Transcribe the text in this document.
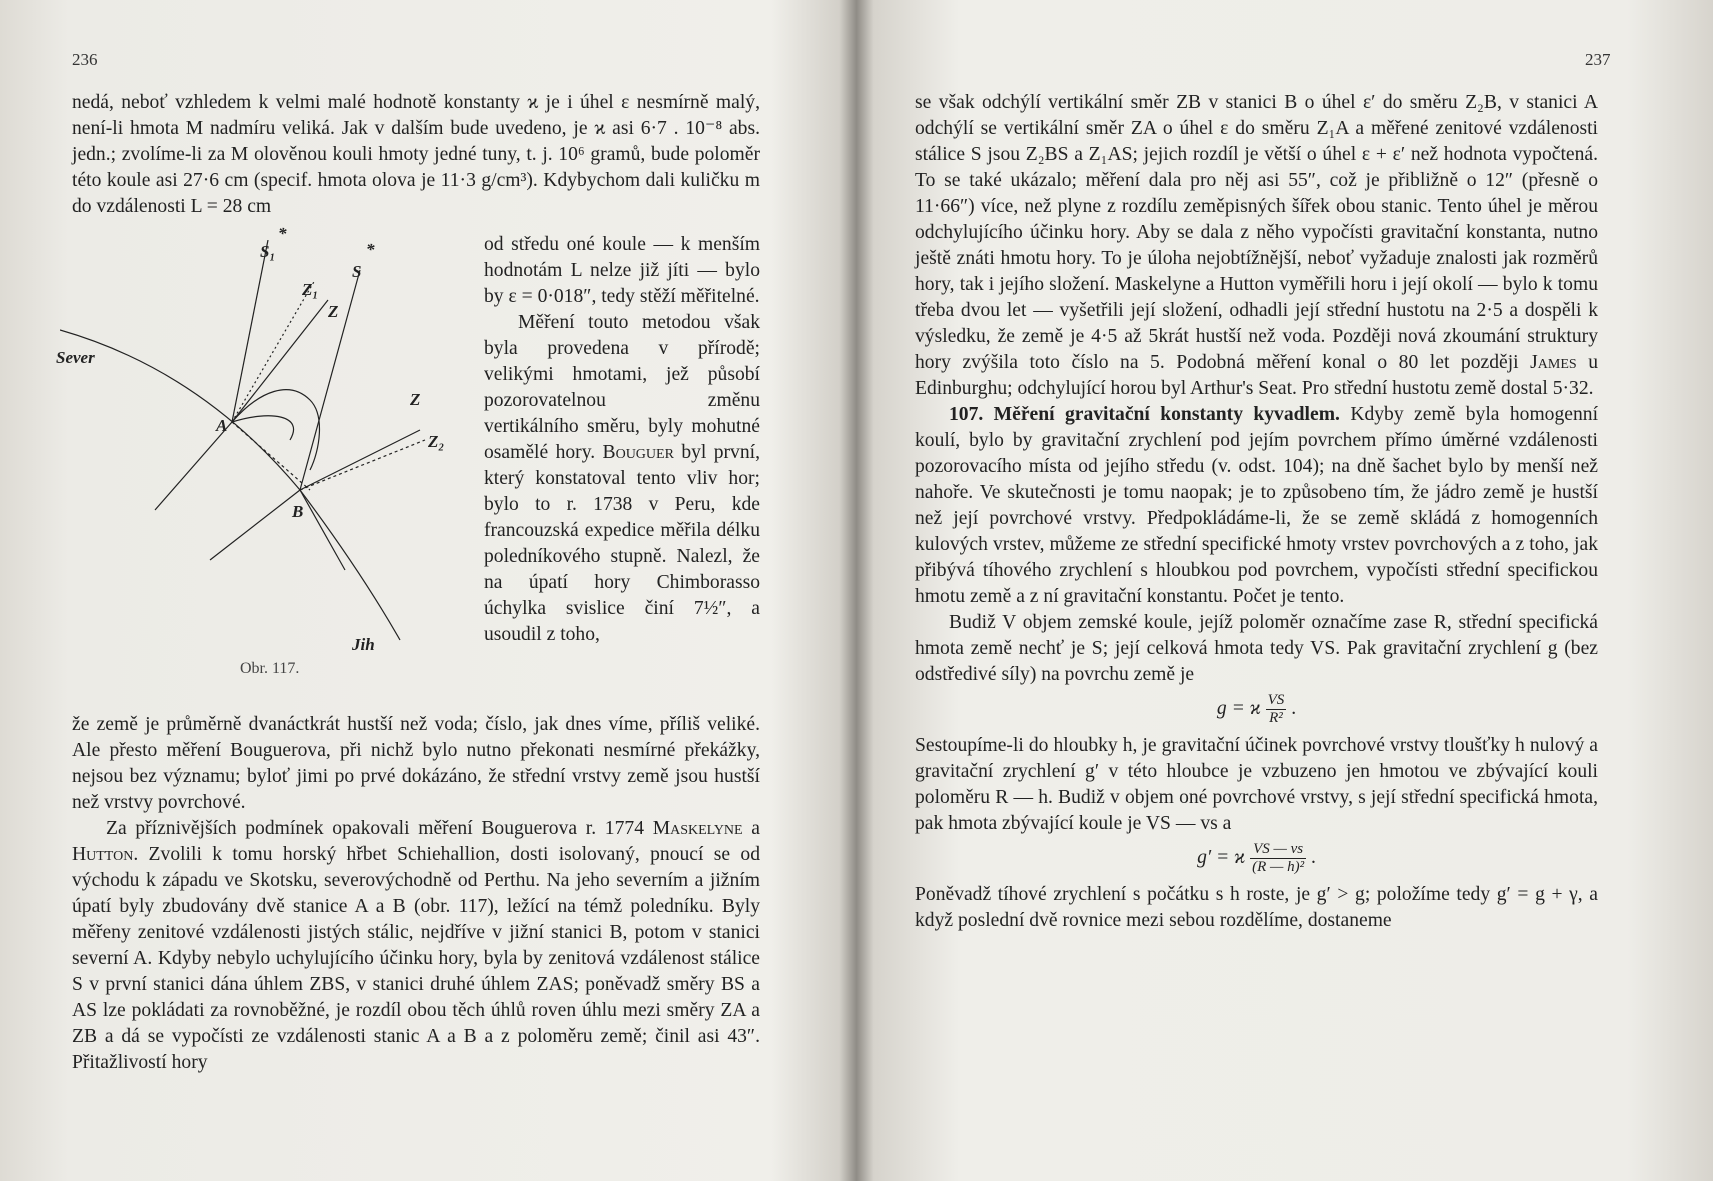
236

nedá, neboť vzhledem k velmi malé hodnotě konstanty ϰ je i úhel ε nesmírně malý, není-li hmota M nadmíru veliká. Jak v dalším bude uvedeno, je ϰ asi 6·7 . 10⁻⁸ abs. jedn.; zvolíme-li za M olověnou kouli hmoty jedné tuny, t. j. 10⁶ gramů, bude poloměr této koule asi 27·6 cm (specif. hmota olova je 11·3 g/cm³). Kdybychom dali kuličku m do vzdálenosti L = 28 cm

od středu oné koule — k menším hodnotám L nelze již jíti — bylo by ε = 0·018″, tedy stěží měřitelné.

Měření touto metodou však byla provedena v přírodě; velikými hmotami, jež působí pozorovatelnou změnu vertikálního směru, byly mohutné osamělé hory. Bouguer byl první, který konstatoval tento vliv hor; bylo to r. 1738 v Peru, kde francouzská expedice měřila délku poledníkového stupně. Nalezl, že na úpatí hory Chimborasso úchylka svislice činí 7½″, a usoudil z toho,

Sever
A
B
S₁
*
S
*
Z₁
Z
Z
Z₂
Jih
Obr. 117.

že země je průměrně dvanáctkrát hustší než voda; číslo, jak dnes víme, příliš veliké. Ale přesto měření Bouguerova, při nichž bylo nutno překonati nesmírné překážky, nejsou bez významu; byloť jimi po prvé dokázáno, že střední vrstvy země jsou hustší než vrstvy povrchové.

Za příznivějších podmínek opakovali měření Bouguerova r. 1774 Maskelyne a Hutton. Zvolili k tomu horský hřbet Schiehallion, dosti isolovaný, pnoucí se od východu k západu ve Skotsku, severovýchodně od Perthu. Na jeho severním a jižním úpatí byly zbudovány dvě stanice A a B (obr. 117), ležící na témž poledníku. Byly měřeny zenitové vzdálenosti jistých stálic, nejdříve v jižní stanici B, potom v stanici severní A. Kdyby nebylo uchylujícího účinku hory, byla by zenitová vzdálenost stálice S v první stanici dána úhlem ZBS, v stanici druhé úhlem ZAS; poněvadž směry BS a AS lze pokládati za rovnoběžné, je rozdíl obou těch úhlů roven úhlu mezi směry ZA a ZB a dá se vypočísti ze vzdálenosti stanic A a B a z poloměru země; činil asi 43″. Přitažlivostí hory

237

se však odchýlí vertikální směr ZB v stanici B o úhel ε′ do směru Z₂B, v stanici A odchýlí se vertikální směr ZA o úhel ε do směru Z₁A a měřené zenitové vzdálenosti stálice S jsou Z₂BS a Z₁AS; jejich rozdíl je větší o úhel ε + ε′ než hodnota vypočtená. To se také ukázalo; měření dala pro něj asi 55″, což je přibližně o 12″ (přesně o 11·66″) více, než plyne z rozdílu zeměpisných šířek obou stanic. Tento úhel je měrou odchylujícího účinku hory. Aby se dala z něho vypočísti gravitační konstanta, nutno ještě znáti hmotu hory. To je úloha nejobtížnější, neboť vyžaduje znalosti jak rozměrů hory, tak i jejího složení. Maskelyne a Hutton vyměřili horu i její okolí — bylo k tomu třeba dvou let — vyšetřili její složení, odhadli její střední hustotu na 2·5 a dospěli k výsledku, že země je 4·5 až 5krát hustší než voda. Později nová zkoumání struktury hory zvýšila toto číslo na 5. Podobná měření konal o 80 let později James u Edinburghu; odchylující horou byl Arthur's Seat. Pro střední hustotu země dostal 5·32.

107. Měření gravitační konstanty kyvadlem. Kdyby země byla homogenní koulí, bylo by gravitační zrychlení pod jejím povrchem přímo úměrné vzdálenosti pozorovacího místa od jejího středu (v. odst. 104); na dně šachet bylo by menší než nahoře. Ve skutečnosti je tomu naopak; je to způsobeno tím, že jádro země je hustší než její povrchové vrstvy. Předpokládáme-li, že se země skládá z homogenních kulových vrstev, můžeme ze střední specifické hmoty vrstev povrchových a z toho, jak přibývá tíhového zrychlení s hloubkou pod povrchem, vypočísti střední specifickou hmotu země a z ní gravitační konstantu. Počet je tento.

Budiž V objem zemské koule, jejíž poloměr označíme zase R, střední specifická hmota země nechť je S; její celková hmota tedy VS. Pak gravitační zrychlení g (bez odstředivé síly) na povrchu země je

g = ϰ $\frac{VS}{\text{R²}}$ .

Sestoupíme-li do hloubky h, je gravitační účinek povrchové vrstvy tloušťky h nulový a gravitační zrychlení g′ v této hloubce je vzbuzeno jen hmotou ve zbývající kouli poloměru R — h. Budiž v objem oné povrchové vrstvy, s její střední specifická hmota, pak hmota zbývající koule je VS — vs a

g′ = ϰ $\frac{VS — vs}{\text{(R — h)²}}$ .

Poněvadž tíhové zrychlení s počátku s h roste, je g′ > g; položíme tedy g′ = g + γ, a když poslední dvě rovnice mezi sebou rozdělíme, dostaneme
